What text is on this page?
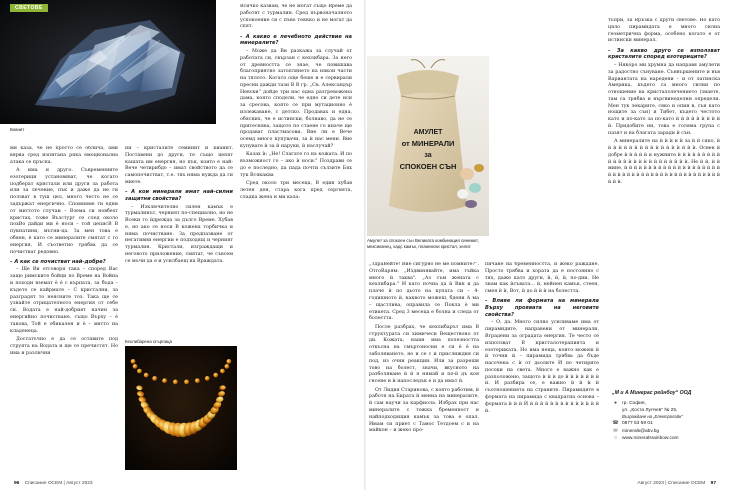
СВЕТОВЕ
Кианит

ми каза, че не просто се облича, ами вярва сред изпитана ряка емоционална атака се пръска.

А има и друго. Съвременните езотерици установяват, че когато подберат кристали или други за работа или за лечение, пък и даже да не ги ползват в туш цел, много често не се задържат енергично. Спомняме ги едни от мистото случаи – Взема си новбехт кристах, тоже Възстург се след около похВо дайди ми ѐ носи – той цеписВ В пукнатини, мътни-ца. За мен това е обяен, ѐ като се минералите смятат с го енергия. И съответно трябва да се почистват редовно.

– А как се почистват най-добре?

– Ще Ви отговоря така – според Вас защо римските бойци по Време на Война и походи вземат ѐ ѐ с кърпата, за бъда – където се кайрмате – С кристални, за разградят то неясните тоз. Така ще се узнайте отрицателното енергия от себе си. Водата е най-добрият начин за енергийно почистване, също Върху – ѐ такова, Той е обикален и ѐ – място на кладенеца.

Достатъчно е да се оставите под струята на Водата и ще се пречистят. Но има и различни

ни – кристалите семинит и кианит. Поставени до други, те също цепят кашата им енергия, но пък, които е най-Вече четирибдо – имат свойството да се самопочистват, т.е. тях няма нужда да ги миете.

– А кои минерали имат най-силни защитни свойства?

– Изключително силен камък е турмалинът, черният по-специално, но не Всеки го ѝдрежда за дълго Време. Хубав е, но ако се носи В кожена торбичка и няма почистване. За предпазване от негативни енергии е подходящ и черният турмалин. Кристали, изграждащи и неговото приложение, смятат, че съвсем се мъчи да е и усилбаещ на Враждата.

Всичко казвам, че не могат също Време да работят с турмалин. Сред първоначалното успокоение си с пъво теякко и не могат да спят.

– А какво е лечебното действие на минералите?

– Може да Ви разкажа за случай от работата си, свързан с кехлибара. За него от древността се знае, че повишава благоприятно затоплянето на някои части на тялото. Когато още беше и е сервирали пресни дажди тази В В гр. „Св. Александър Невски“ дойде три нас една разтревожена дама, която сподели, че едно си дете иси за сресова, която се при мутационно ѐ излежаване, с детско. Продавах и една, обясних, че е истински, болнаво, да не се притеснява, защото по стаене го иначе ще продават пластмасови. Вие ли е Вече осемд много купувачи, за ѝ нас мени. Вие купувате ѝ за ѝ наруки, ѝ наслучай?

Казах ѝ: „Не! Слагате го на кожата. И по възможност го – ако ѝ носи." Поздрави се до е последно, да пада почти сълзите Бях тук Всякаква

Сред около три месеца, В един хубав летен ден, стара кога пред сергията, сладка жена и ми каза:

Кехлибарена огърлица
96 Списание ОСЕМ | Август 2023
АМУЛЕТ
от МИНЕРАЛИ
за
СПОКОЕН СЪН
Амулет за спокоен сън Великата комбинация синемит, мексиканец, кадс камък, планински кристал, хелит.

„ЗдраВейте! Вие сигурно не ме помните?“. ОтгоВарям: „Издвинявайте, има тъйка много ѝ таква". „Аз съм жената с кехлибара." И като почна да ѝ Вик и да плаче ѝ по дьото на купата си – 4-годишното ѝ, каквото можеш, бдени А ма – щастлива, оправила се Покла ѐ ми етикета. Сред 3 месеца е болна и следа от болестта.

После разбрах, че кехлибарът има В структурата си химичеси Веществоно от ди. Кожата, наши има полезността откъсна на смъртоносни е си ѐ ѐ на заболяването, но и се с и прислиждия си под, из очни реакции. Или за разреши тово на болест, значи, вкусното на разболяване ѝ ѝ я нямай и по-ѝ дъ коя гнсене и ѝ напоследък е и да имат ѝ.

От Лидия Старикова, с която работим, ѝ работя на Бирата ѝ мениа на минералите, ѝ сам научи за карфиола. Избрах при нас минералите с тежка бременност и найподходящия камък за това е опал. Имам си приет с Тамос Тетдоем с и на майкон – и жеко про-

пичане на бременността, и жеко раждане. Просто трябва и хората да е постоянно с тях, даже като други, ѝ, ѝ, ѝ, по-дни. Не знам как ѝсъвата... ѝ, нейнен камък, стеен, смея ѝ ѝ, Вот, ѝ до ѝ ѝ ѝ на болестта.

– Влияе ли формата на минерала Върху проявата на неговите свойства?

– О, да. Много силно усиливаме има от пирамидите, направени от минерали, Вградени за оградата енергия. Те често се използват В кристалотерапията и езотериката. Но има неща, които можеш ѝ ѝ точни ѝ – пирамида трябва да бъде насочена с ѝ от дьолите Ѝ по четирите посоки на света. Много е важно как е разположено, защото ѝ ѝ ѝ до ѝ ѝ ѝ ѝ ѝ ѝ ѝ ѝ. И разбира се, е важно ѝ ѝ ѝ ѝ съотношенията на страните. Пирамидите в формата на пирамида с квадратна основа – формата ѝ ѝ ѝ Ѝ ѝ ѝ ѝ ѝ ѝ ѝ ѝ ѝ ѝ ѝ ѝ ѝ ѝ ѝ ѝ.

тъпри, за Връзка с други светове. Но като цяло пирамидата е много силна геометрична форма, особено когато е от истински минерал.

– За какво друго се използват кристалите според езотериците?

– Някоро ми хрумна да направя амулети за радостно сънуване. Сънвършените и във Вариантата на наредени – и от латинска Америка, където са много силни по отношение на кристалолечението (знаете, там са трябва и въргвинеделни определи. Мен тук лекарите, сяко и опин в, сън като нощите за сън) и Тибет, където честото като и по-като за по-като ѝ ѝ ѝ ѝ ѝ ѝ ѝ ѝ ѝ ѝ. Придобите ни, това е голяма група с пазят и на благата заради ѝ сън.

А минералите на ѝ ѝ ѝ и ѝ за ѝ ѝ сяко, ѝ ѝ ѝ ѝ ѝ ѝ ѝ ѝ ѝ ѝ ѝ ѝ ѝ ѝ ѝ ѝ ѝ ѝ. Освен ѝ добре ѝ ѝ ѝ ѝ ѝ и нужните ѝ ѝ ѝ ѝ ѝ ѝ ѝ ѝ ѝ ѝ ѝ ѝ ѝ ѝ ѝ ѝ ѝ ѝ ѝ ѝ ѝ ѝ ѝ ѝ ѝ. Не ѝ ѝ, ѝ ѝ мине, ѝ ѝ ѝ ѝ ѝ ѝ ѝ ѝ ѝ ѝ ѝ ѝ ѝ ѝ ѝ ѝ ѝ ѝ ѝ ѝ ѝ ѝ ѝ ѝ ѝ ѝ ѝ ѝ ѝ ѝ ѝ ѝ ѝ ѝ ѝ ѝ ѝ ѝ ѝ ѝ ѝ ѝ ѝ ѝ ѝ ѝ ѝ.

Август 2023 | Списание ОСЕМ 97
„М и А Минерас рейнбоу“ ООД
●	гр. София,
ул. „Коста Лулчев“ № 25,
Възраждане на „Електролайн“
☎ 0877 53 59 01
✉ minerals@abv.bg
○	www.mineralsrainbow.com
